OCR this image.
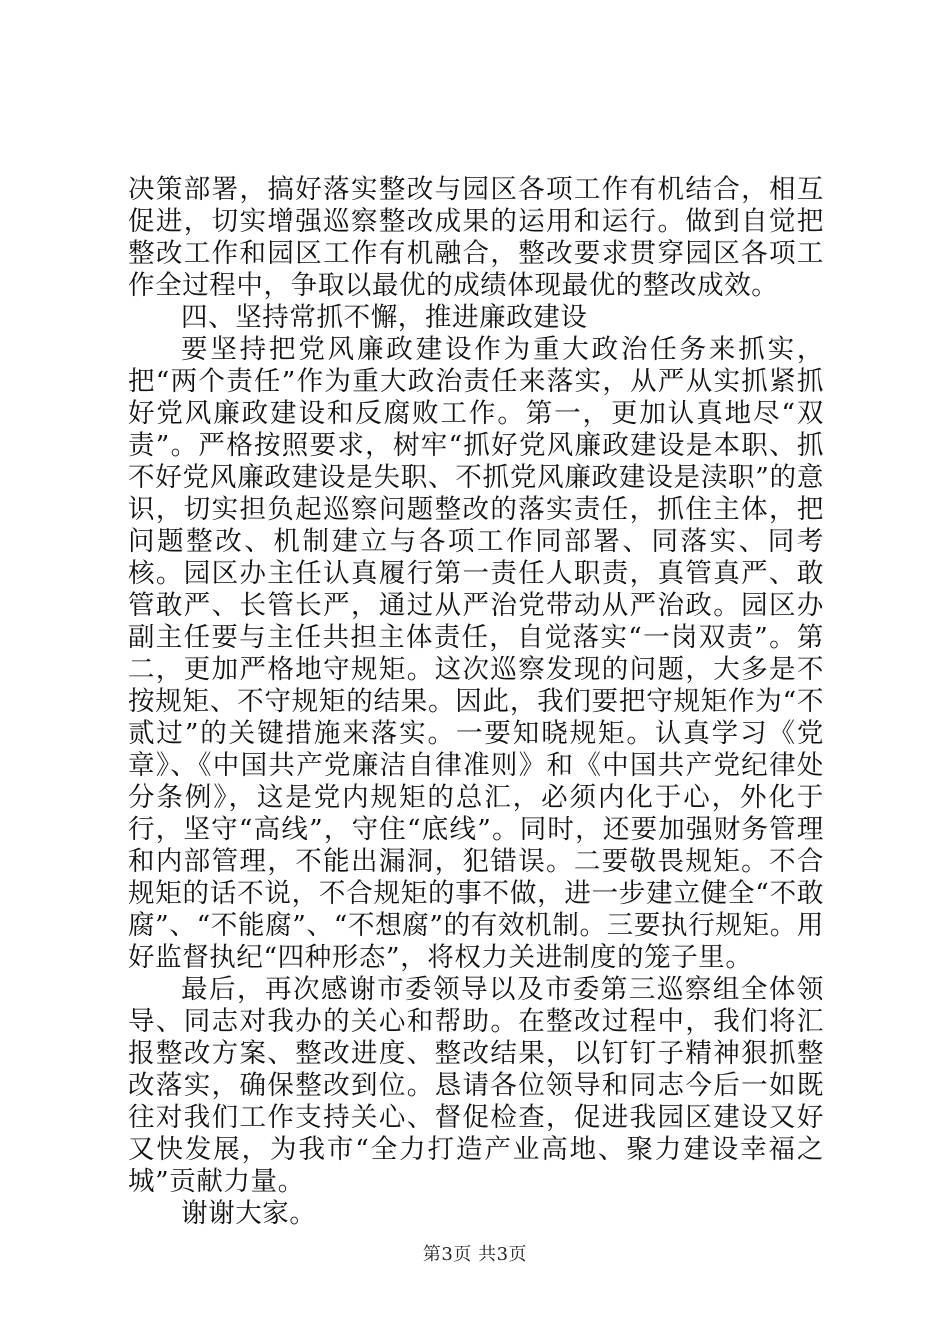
决策部署，搞好落实整改与园区各项工作有机结合，相互促进，切实增强巡察整改成果的运用和运行。做到自觉把整改工作和园区工作有机融合，整改要求贯穿园区各项工作全过程中，争取以最优的成绩体现最优的整改成效。

四、坚持常抓不懈，推进廉政建设

要坚持把党风廉政建设作为重大政治任务来抓实，把“两个责任”作为重大政治责任来落实，从严从实抓紧抓好党风廉政建设和反腐败工作。第一，更加认真地尽“双责”。严格按照要求，树牢“抓好党风廉政建设是本职、抓不好党风廉政建设是失职、不抓党风廉政建设是渎职”的意识，切实担负起巡察问题整改的落实责任，抓住主体，把问题整改、机制建立与各项工作同部署、同落实、同考核。园区办主任认真履行第一责任人职责，真管真严、敢管敢严、长管长严，通过从严治党带动从严治政。园区办副主任要与主任共担主体责任，自觉落实“一岗双责”。第二，更加严格地守规矩。这次巡察发现的问题，大多是不按规矩、不守规矩的结果。因此，我们要把守规矩作为“不贰过”的关键措施来落实。一要知晓规矩。认真学习《党章》、《中国共产党廉洁自律准则》和《中国共产党纪律处分条例》，这是党内规矩的总汇，必须内化于心，外化于行，坚守“高线”，守住“底线”。同时，还要加强财务管理和内部管理，不能出漏洞，犯错误。二要敬畏规矩。不合规矩的话不说，不合规矩的事不做，进一步建立健全“不敢腐”、“不能腐”、“不想腐”的有效机制。三要执行规矩。用好监督执纪“四种形态”，将权力关进制度的笼子里。

最后，再次感谢市委领导以及市委第三巡察组全体领导、同志对我办的关心和帮助。在整改过程中，我们将汇报整改方案、整改进度、整改结果，以钉钉子精神狠抓整改落实，确保整改到位。恳请各位领导和同志今后一如既往对我们工作支持关心、督促检查，促进我园区建设又好又快发展，为我市“全力打造产业高地、聚力建设幸福之城”贡献力量。

谢谢大家。

第3页 共3页
